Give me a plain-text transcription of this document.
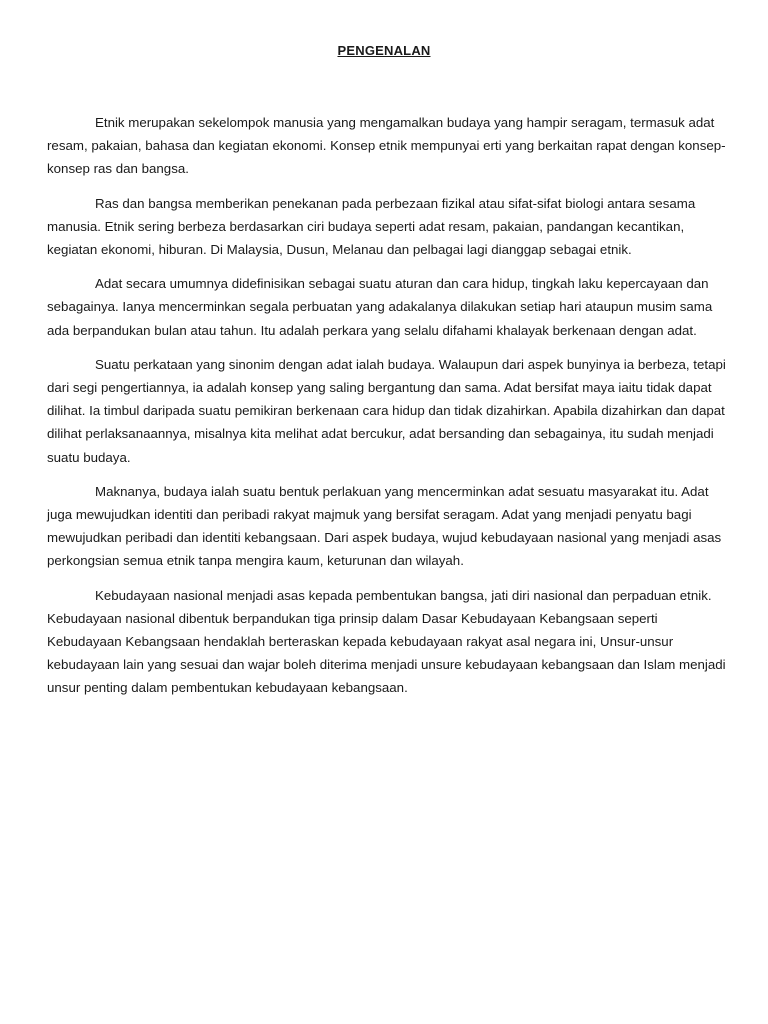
PENGENALAN

Etnik merupakan sekelompok manusia yang mengamalkan budaya yang hampir seragam, termasuk adat resam, pakaian, bahasa dan kegiatan ekonomi. Konsep etnik mempunyai erti yang berkaitan rapat dengan konsep-konsep ras dan bangsa.

Ras dan bangsa memberikan penekanan pada perbezaan fizikal atau sifat-sifat biologi antara sesama manusia. Etnik sering berbeza berdasarkan ciri budaya seperti adat resam, pakaian, pandangan kecantikan, kegiatan ekonomi, hiburan. Di Malaysia, Dusun, Melanau dan pelbagai lagi dianggap sebagai etnik.

Adat secara umumnya didefinisikan sebagai suatu aturan dan cara hidup, tingkah laku kepercayaan dan sebagainya. Ianya mencerminkan segala perbuatan yang adakalanya dilakukan setiap hari ataupun musim sama ada berpandukan bulan atau tahun. Itu adalah perkara yang selalu difahami khalayak berkenaan dengan adat.

Suatu perkataan yang sinonim dengan adat ialah budaya. Walaupun dari aspek bunyinya ia berbeza, tetapi dari segi pengertiannya, ia adalah konsep yang saling bergantung dan sama. Adat bersifat maya iaitu tidak dapat dilihat. Ia timbul daripada suatu pemikiran berkenaan cara hidup dan tidak dizahirkan. Apabila dizahirkan dan dapat dilihat perlaksanaannya, misalnya kita melihat adat bercukur, adat bersanding dan sebagainya, itu sudah menjadi suatu budaya.

Maknanya, budaya ialah suatu bentuk perlakuan yang mencerminkan adat sesuatu masyarakat itu. Adat juga mewujudkan identiti dan peribadi rakyat majmuk yang bersifat seragam. Adat yang menjadi penyatu bagi mewujudkan peribadi dan identiti kebangsaan. Dari aspek budaya, wujud kebudayaan nasional yang menjadi asas perkongsian semua etnik tanpa mengira kaum, keturunan dan wilayah.

Kebudayaan nasional menjadi asas kepada pembentukan bangsa, jati diri nasional dan perpaduan etnik. Kebudayaan nasional dibentuk berpandukan tiga prinsip dalam Dasar Kebudayaan Kebangsaan seperti Kebudayaan Kebangsaan hendaklah berteraskan kepada kebudayaan rakyat asal negara ini, Unsur-unsur kebudayaan lain yang sesuai dan wajar boleh diterima menjadi unsure kebudayaan kebangsaan dan Islam menjadi unsur penting dalam pembentukan kebudayaan kebangsaan.
